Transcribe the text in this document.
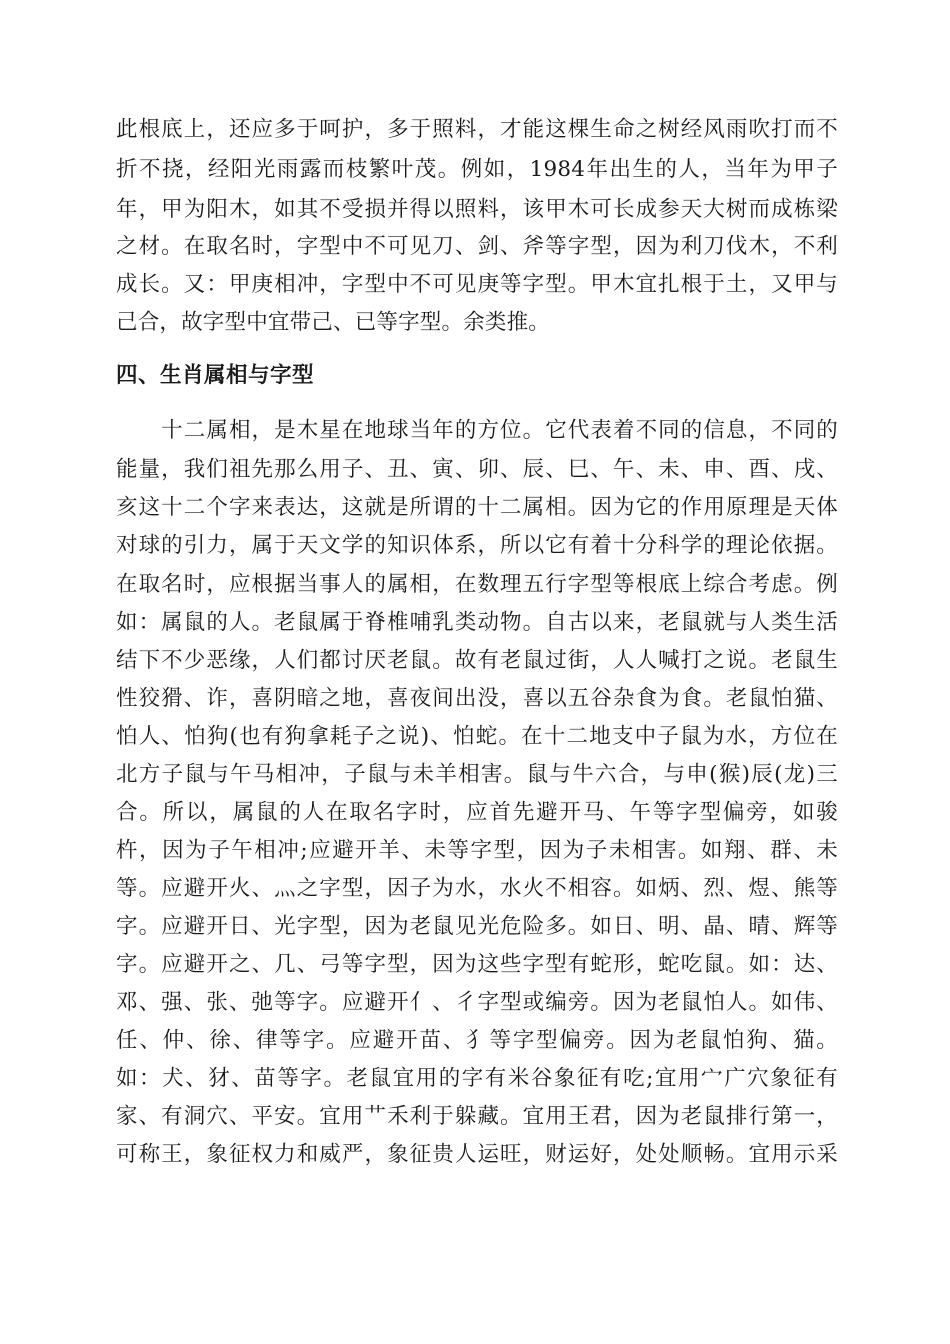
此根底上，还应多于呵护，多于照料，才能这棵生命之树经风雨吹打而不
折不挠，经阳光雨露而枝繁叶茂。例如，1984年出生的人，当年为甲子
年，甲为阳木，如其不受损并得以照料，该甲木可长成参天大树而成栋梁
之材。在取名时，字型中不可见刀、剑、斧等字型，因为利刀伐木，不利
成长。又：甲庚相冲，字型中不可见庚等字型。甲木宜扎根于土，又甲与
己合，故字型中宜带己、已等字型。余类推。
四、生肖属相与字型
　　十二属相，是木星在地球当年的方位。它代表着不同的信息，不同的
能量，我们祖先那么用子、丑、寅、卯、辰、巳、午、未、申、酉、戌、
亥这十二个字来表达，这就是所谓的十二属相。因为它的作用原理是天体
对球的引力，属于天文学的知识体系，所以它有着十分科学的理论依据。
在取名时，应根据当事人的属相，在数理五行字型等根底上综合考虑。例
如：属鼠的人。老鼠属于脊椎哺乳类动物。自古以来，老鼠就与人类生活
结下不少恶缘，人们都讨厌老鼠。故有老鼠过街，人人喊打之说。老鼠生
性狡猾、诈，喜阴暗之地，喜夜间出没，喜以五谷杂食为食。老鼠怕猫、
怕人、怕狗(也有狗拿耗子之说)、怕蛇。在十二地支中子鼠为水，方位在
北方子鼠与午马相冲，子鼠与未羊相害。鼠与牛六合，与申(猴)辰(龙)三
合。所以，属鼠的人在取名字时，应首先避开马、午等字型偏旁，如骏
杵，因为子午相冲;应避开羊、未等字型，因为子未相害。如翔、群、未
等。应避开火、灬之字型，因子为水，水火不相容。如炳、烈、煜、熊等
字。应避开日、光字型，因为老鼠见光危险多。如日、明、晶、晴、辉等
字。应避开之、几、弓等字型，因为这些字型有蛇形，蛇吃鼠。如：达、
邓、强、张、弛等字。应避开亻、彳字型或编旁。因为老鼠怕人。如伟、
任、仲、徐、律等字。应避开苗、犭等字型偏旁。因为老鼠怕狗、猫。
如：犬、犲、苗等字。老鼠宜用的字有米谷象征有吃;宜用宀广穴象征有
家、有洞穴、平安。宜用艹禾利于躲藏。宜用王君，因为老鼠排行第一，
可称王，象征权力和威严，象征贵人运旺，财运好，处处顺畅。宜用示采
